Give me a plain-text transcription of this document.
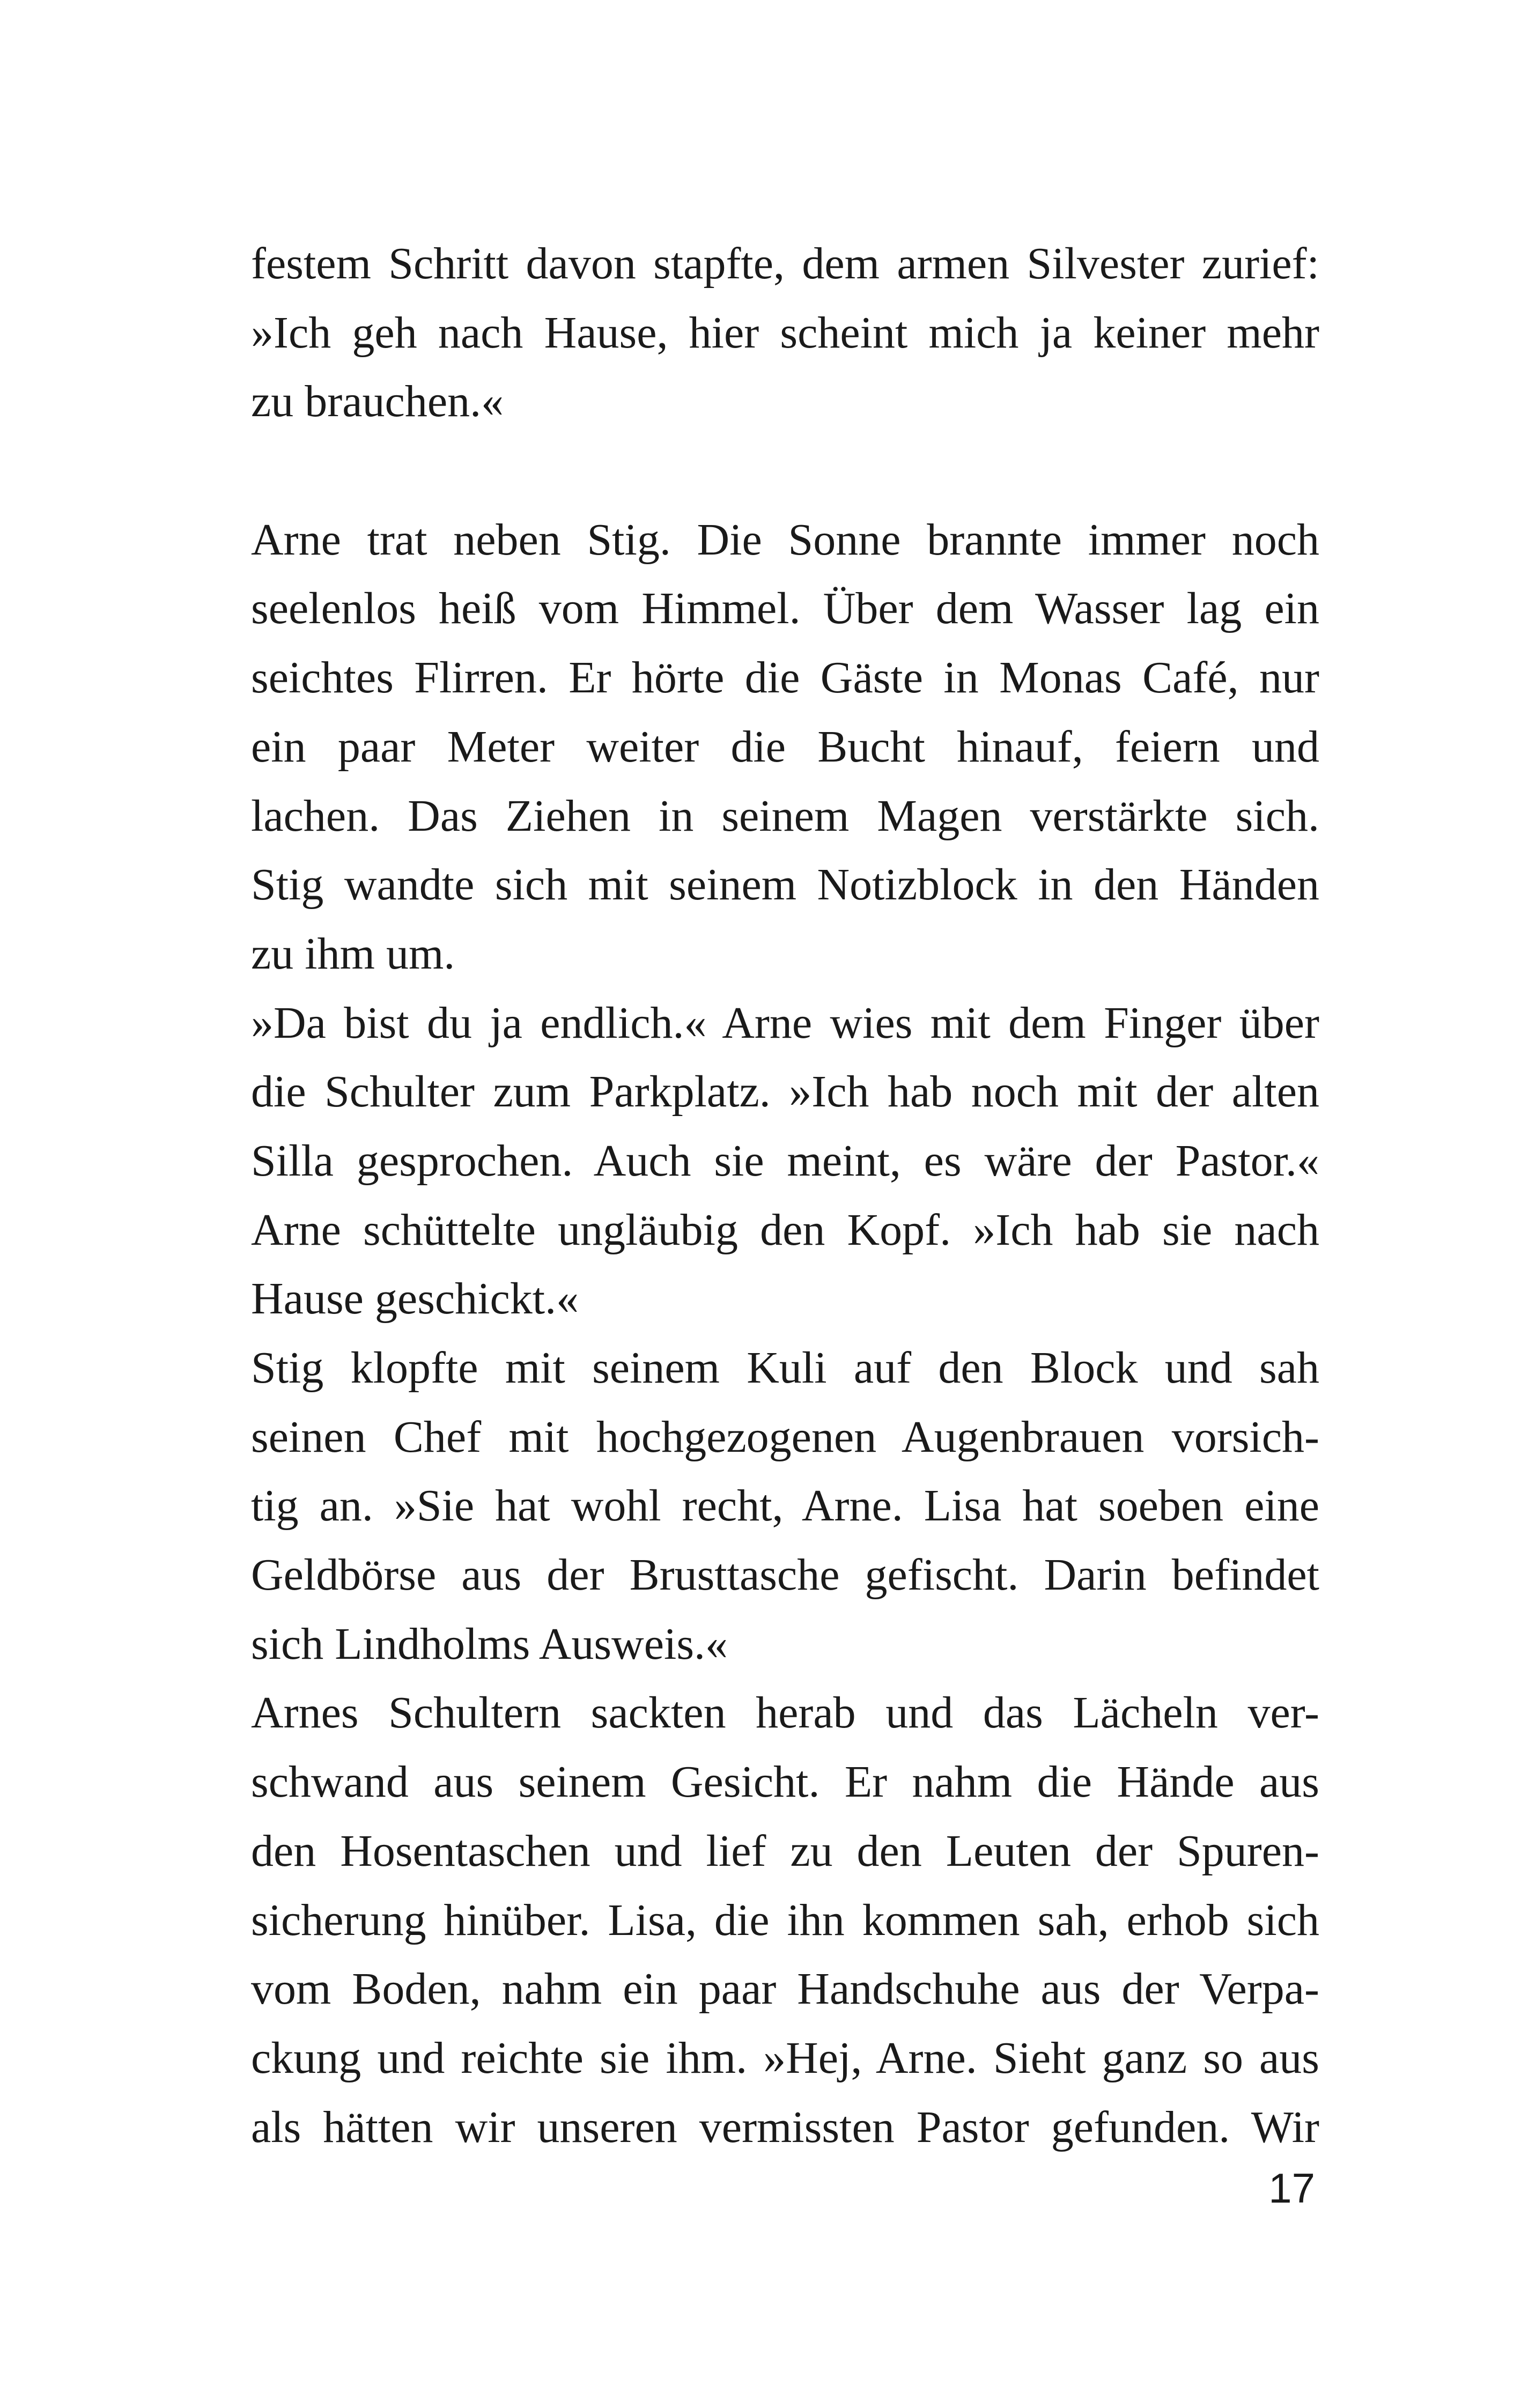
festem Schritt davon stapfte, dem armen Silvester zurief:
»Ich geh nach Hause, hier scheint mich ja keiner mehr
zu brauchen.«
Arne trat neben Stig. Die Sonne brannte immer noch
seelenlos heiß vom Himmel. Über dem Wasser lag ein
seichtes Flirren. Er hörte die Gäste in Monas Café, nur
ein paar Meter weiter die Bucht hinauf, feiern und
lachen. Das Ziehen in seinem Magen verstärkte sich.
Stig wandte sich mit seinem Notizblock in den Händen
zu ihm um.
»Da bist du ja endlich.« Arne wies mit dem Finger über
die Schulter zum Parkplatz. »Ich hab noch mit der alten
Silla gesprochen. Auch sie meint, es wäre der Pastor.«
Arne schüttelte ungläubig den Kopf. »Ich hab sie nach
Hause geschickt.«
Stig klopfte mit seinem Kuli auf den Block und sah
seinen Chef mit hochgezogenen Augenbrauen vorsich-
tig an. »Sie hat wohl recht, Arne. Lisa hat soeben eine
Geldbörse aus der Brusttasche gefischt. Darin befindet
sich Lindholms Ausweis.«
Arnes Schultern sackten herab und das Lächeln ver-
schwand aus seinem Gesicht. Er nahm die Hände aus
den Hosentaschen und lief zu den Leuten der Spuren-
sicherung hinüber. Lisa, die ihn kommen sah, erhob sich
vom Boden, nahm ein paar Handschuhe aus der Verpa-
ckung und reichte sie ihm. »Hej, Arne. Sieht ganz so aus
als hätten wir unseren vermissten Pastor gefunden. Wir
17
